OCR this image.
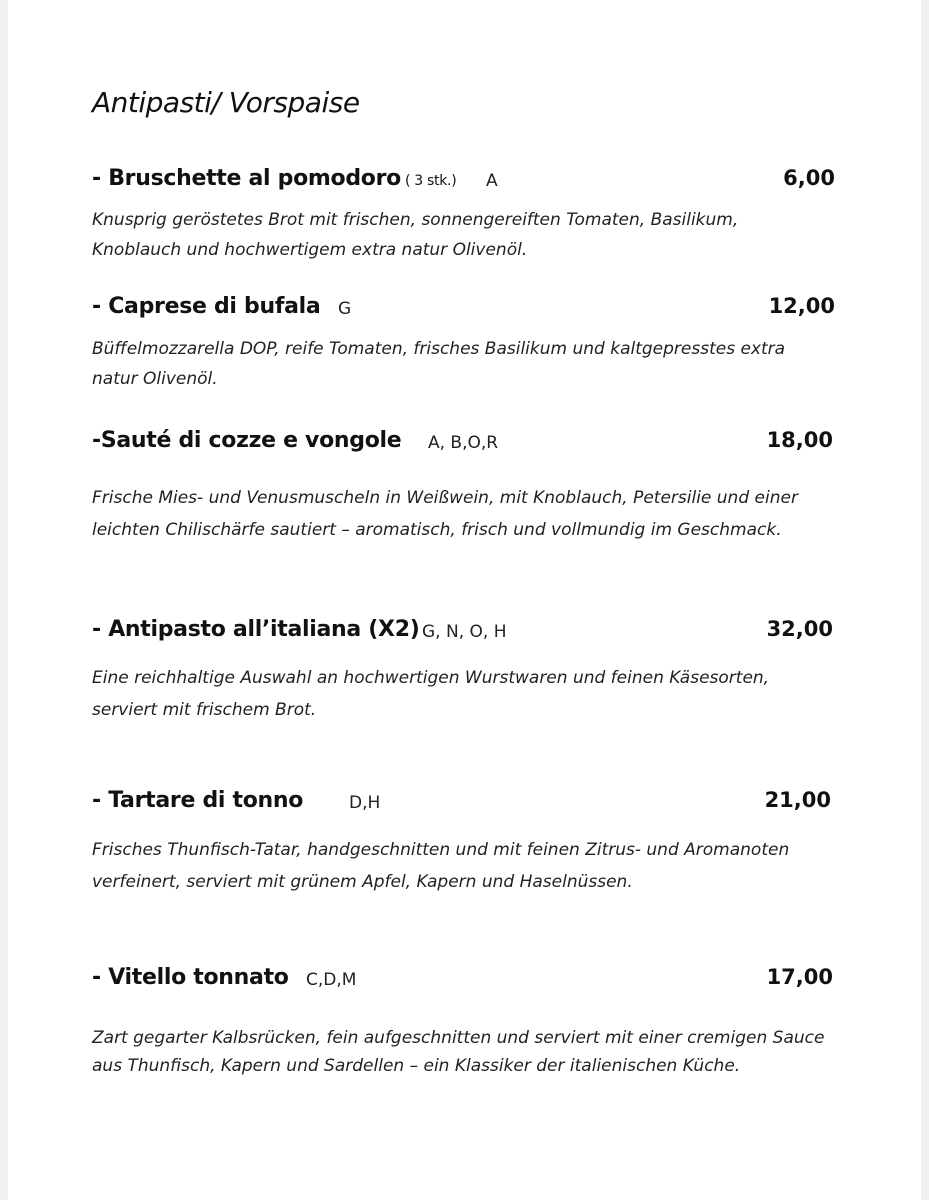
Antipasti/ Vorspaise
- Bruschette al pomodoro ( 3 stk.) A	6,00
Knusprig geröstetes Brot mit frischen, sonnengereiften Tomaten, Basilikum, Knoblauch und hochwertigem extra natur Olivenöl.
- Caprese di bufala G	12,00
Büffelmozzarella DOP, reife Tomaten, frisches Basilikum und kaltgepresstes extra natur Olivenöl.
-Sauté di cozze e vongole A, B,O,R	18,00
Frische Mies- und Venusmuscheln in Weißwein, mit Knoblauch, Petersilie und einer leichten Chilischärfe sautiert – aromatisch, frisch und vollmundig im Geschmack.
- Antipasto all’italiana (X2) G, N, O, H	32,00
Eine reichhaltige Auswahl an hochwertigen Wurstwaren und feinen Käsesorten, serviert mit frischem Brot.
- Tartare di tonno	D,H	21,00
Frisches Thunfisch-Tatar, handgeschnitten und mit feinen Zitrus- und Aromanoten verfeinert, serviert mit grünem Apfel, Kapern und Haselnüssen.
- Vitello tonnato C,D,M	17,00
Zart gegarter Kalbsrücken, fein aufgeschnitten und serviert mit einer cremigen Sauce aus Thunfisch, Kapern und Sardellen – ein Klassiker der italienischen Küche.
